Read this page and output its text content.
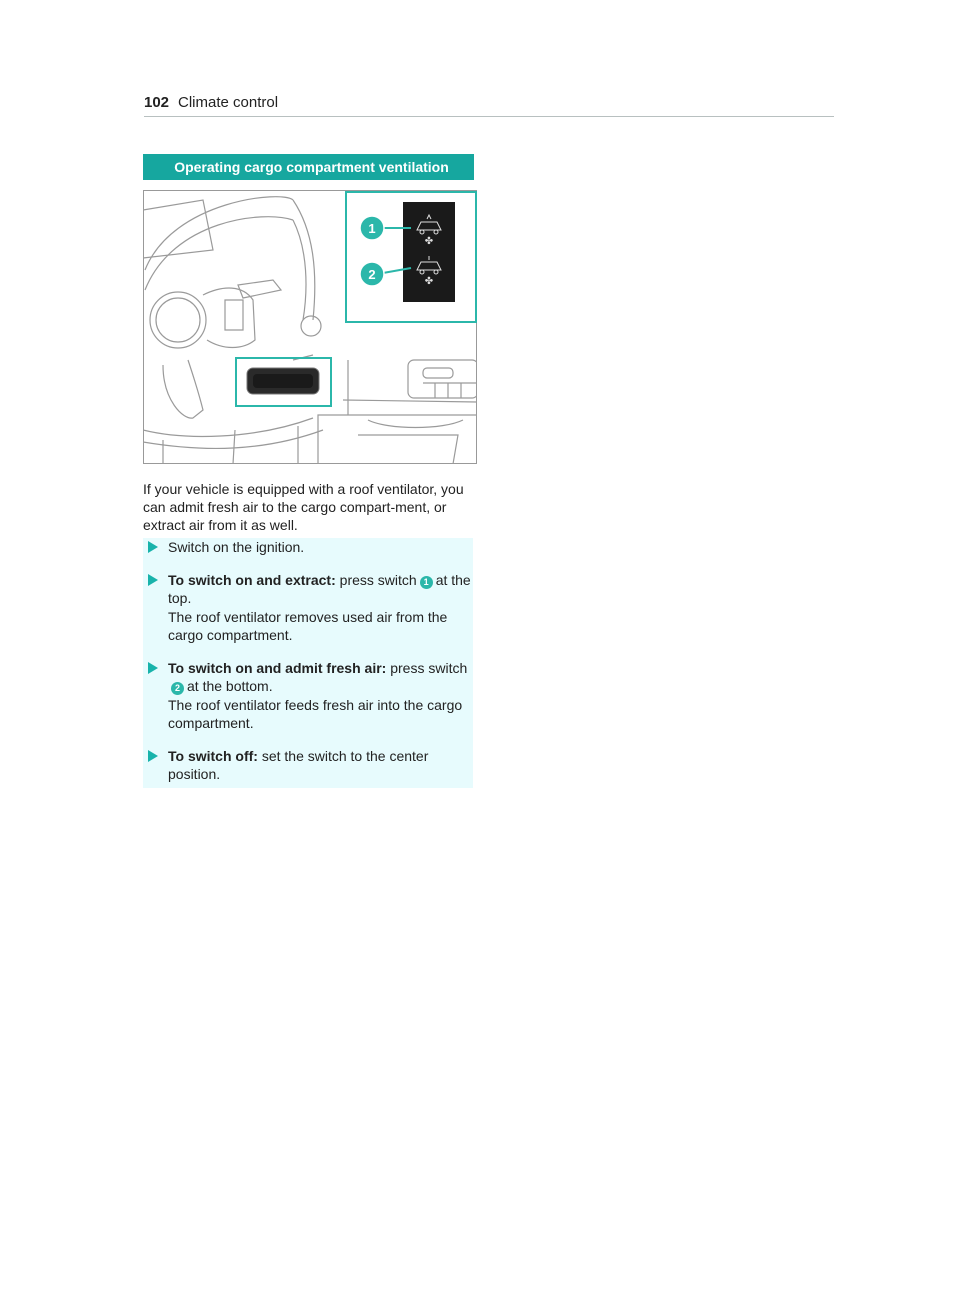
102 Climate control
Operating cargo compartment ventilation
✤
✤
1
2
If your vehicle is equipped with a roof ventilator, you can admit fresh air to the cargo compart-ment, or extract air from it as well.
Switch on the ignition.
To switch on and extract: press switch 1 at the top.
The roof ventilator removes used air from the cargo compartment.
To switch on and admit fresh air: press switch2 at the bottom.
The roof ventilator feeds fresh air into the cargo compartment.
To switch off: set the switch to the center position.
